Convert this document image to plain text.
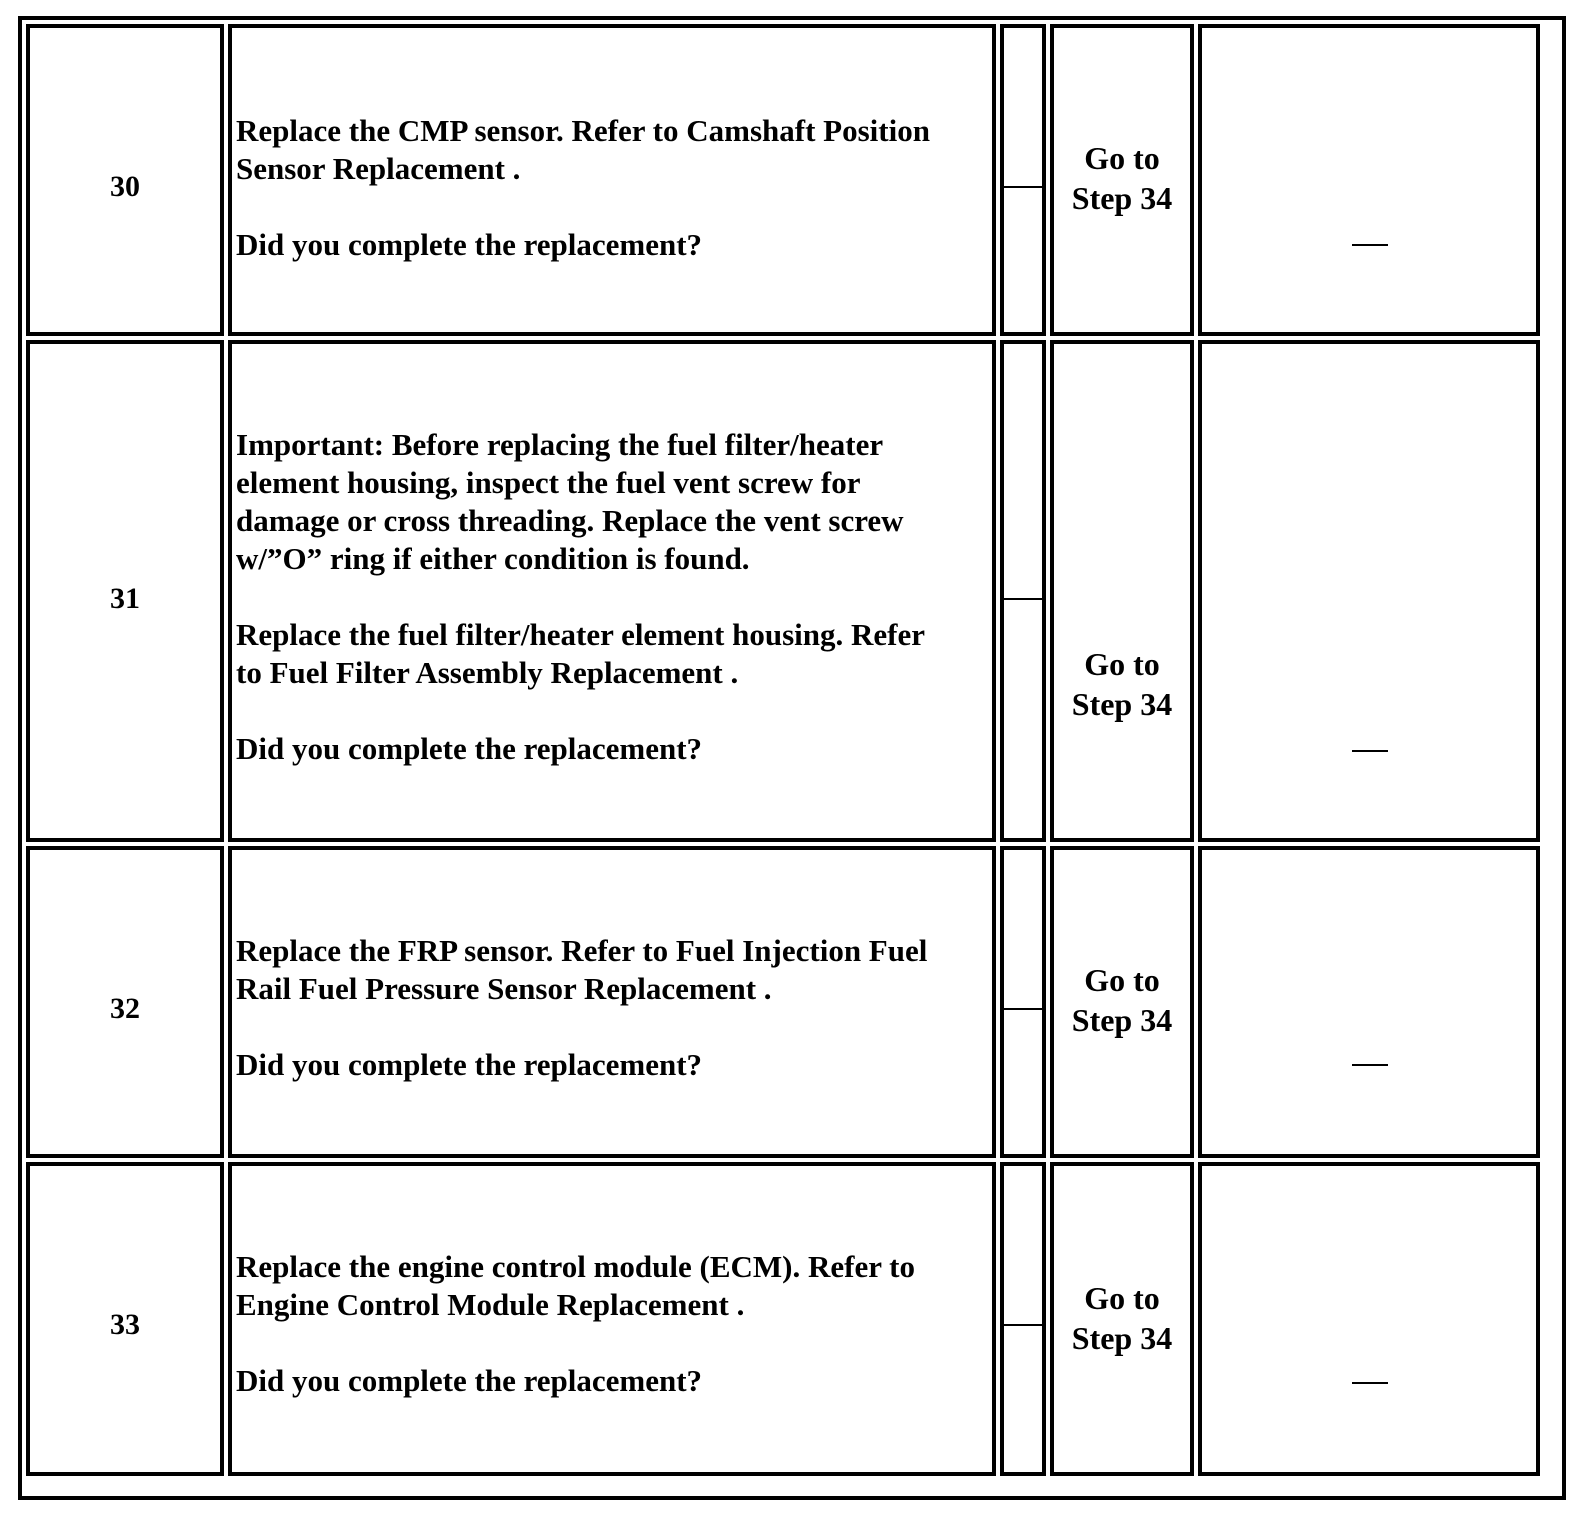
30
Replace the CMP sensor. Refer to Camshaft Position
Sensor Replacement .

Did you complete the replacement?
Go to Step 34
31
Important: Before replacing the fuel filter/heater
element housing, inspect the fuel vent screw for
damage or cross threading. Replace the vent screw
w/”O” ring if either condition is found.

Replace the fuel filter/heater element housing. Refer
to Fuel Filter Assembly Replacement .

Did you complete the replacement?
Go to Step 34
32
Replace the FRP sensor. Refer to Fuel Injection Fuel
Rail Fuel Pressure Sensor Replacement .

Did you complete the replacement?
Go to Step 34
33
Replace the engine control module (ECM). Refer to
Engine Control Module Replacement .

Did you complete the replacement?
Go to Step 34
